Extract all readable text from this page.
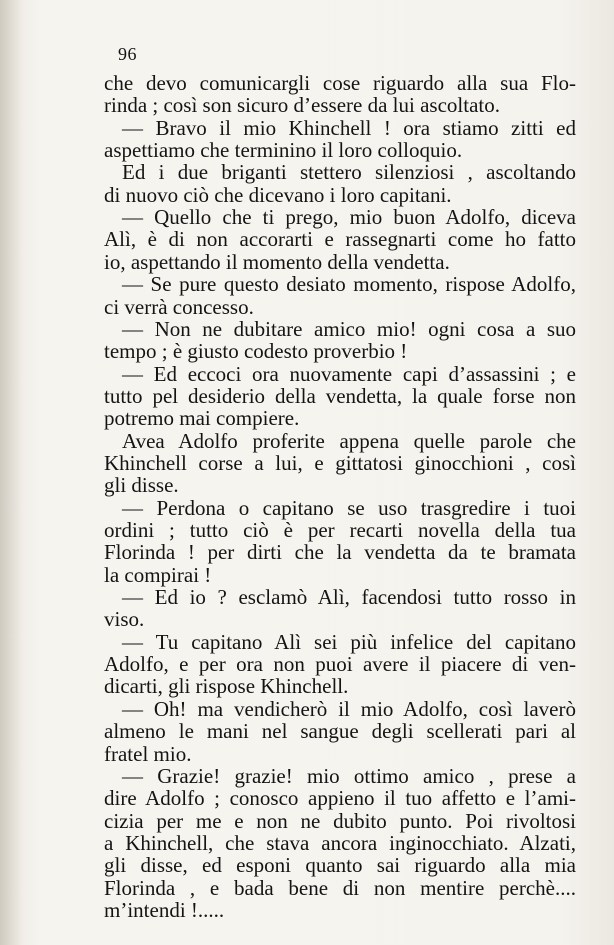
96
che devo comunicargli cose riguardo alla sua Flo-
rinda ; così son sicuro d’essere da lui ascoltato.
— Bravo il mio Khinchell ! ora stiamo zitti ed
aspettiamo che terminino il loro colloquio.
Ed i due briganti stettero silenziosi , ascoltando
di nuovo ciò che dicevano i loro capitani.
— Quello che ti prego, mio buon Adolfo, diceva
Alì, è di non accorarti e rassegnarti come ho fatto
io, aspettando il momento della vendetta.
— Se pure questo desiato momento, rispose Adolfo,
ci verrà concesso.
— Non ne dubitare amico mio! ogni cosa a suo
tempo ; è giusto codesto proverbio !
— Ed eccoci ora nuovamente capi d’assassini ; e
tutto pel desiderio della vendetta, la quale forse non
potremo mai compiere.
Avea Adolfo proferite appena quelle parole che
Khinchell corse a lui, e gittatosi ginocchioni , così
gli disse.
— Perdona o capitano se uso trasgredire i tuoi
ordini ; tutto ciò è per recarti novella della tua
Florinda ! per dirti che la vendetta da te bramata
la compirai !
— Ed io ? esclamò Alì, facendosi tutto rosso in
viso.
— Tu capitano Alì sei più infelice del capitano
Adolfo, e per ora non puoi avere il piacere di ven-
dicarti, gli rispose Khinchell.
— Oh! ma vendicherò il mio Adolfo, così laverò
almeno le mani nel sangue degli scellerati pari al
fratel mio.
— Grazie! grazie! mio ottimo amico , prese a
dire Adolfo ; conosco appieno il tuo affetto e l’ami-
cizia per me e non ne dubito punto. Poi rivoltosi
a Khinchell, che stava ancora inginocchiato. Alzati,
gli disse, ed esponi quanto sai riguardo alla mia
Florinda , e bada bene di non mentire perchè....
m’intendi !.....
